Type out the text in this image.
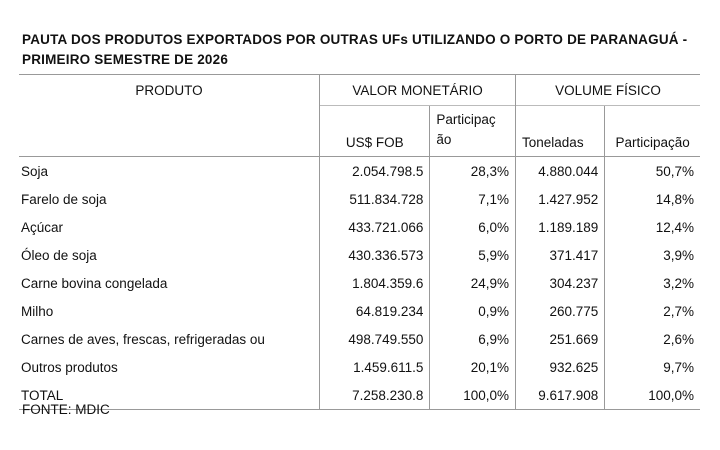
PAUTA DOS PRODUTOS EXPORTADOS POR OUTRAS UFs UTILIZANDO O PORTO DE PARANAGUÁ -
PRIMEIRO SEMESTRE DE 2026
PRODUTO	VALOR MONETÁRIO		VOLUME FÍSICO	
	US$ FOB	Participação	Toneladas	Participação
Soja	2.054.798.5	28,3%	4.880.044	50,7%
Farelo de soja	511.834.728	7,1%	1.427.952	14,8%
Açúcar	433.721.066	6,0%	1.189.189	12,4%
Óleo de soja	430.336.573	5,9%	371.417	3,9%
Carne bovina congelada	1.804.359.6	24,9%	304.237	3,2%
Milho	64.819.234	0,9%	260.775	2,7%
Carnes de aves, frescas, refrigeradas ou	498.749.550	6,9%	251.669	2,6%
Outros produtos	1.459.611.5	20,1%	932.625	9,7%
TOTAL	7.258.230.8	100,0%	9.617.908	100,0%
FONTE: MDIC
